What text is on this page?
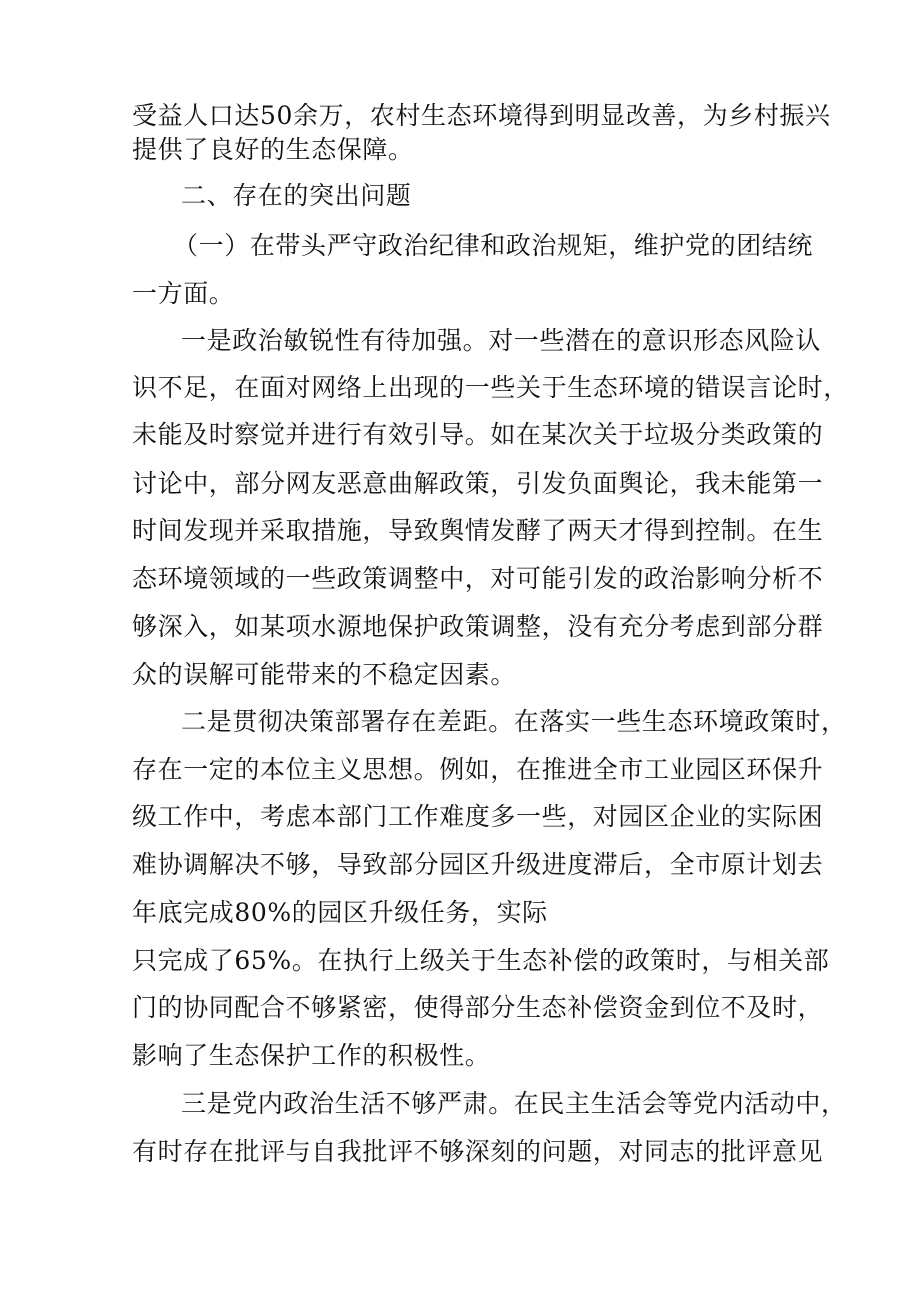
受益人口达50余万，农村生态环境得到明显改善，为乡村振兴
提供了良好的生态保障。
二、存在的突出问题
（一）在带头严守政治纪律和政治规矩，维护党的团结统
一方面。
一是政治敏锐性有待加强。对一些潜在的意识形态风险认
识不足，在面对网络上出现的一些关于生态环境的错误言论时，
未能及时察觉并进行有效引导。如在某次关于垃圾分类政策的
讨论中，部分网友恶意曲解政策，引发负面舆论，我未能第一
时间发现并采取措施，导致舆情发酵了两天才得到控制。在生
态环境领域的一些政策调整中，对可能引发的政治影响分析不
够深入，如某项水源地保护政策调整，没有充分考虑到部分群
众的误解可能带来的不稳定因素。
二是贯彻决策部署存在差距。在落实一些生态环境政策时，
存在一定的本位主义思想。例如，在推进全市工业园区环保升
级工作中，考虑本部门工作难度多一些，对园区企业的实际困
难协调解决不够，导致部分园区升级进度滞后，全市原计划去
年底完成80%的园区升级任务，实际
只完成了65%。在执行上级关于生态补偿的政策时，与相关部
门的协同配合不够紧密，使得部分生态补偿资金到位不及时，
影响了生态保护工作的积极性。
三是党内政治生活不够严肃。在民主生活会等党内活动中，
有时存在批评与自我批评不够深刻的问题，对同志的批评意见
